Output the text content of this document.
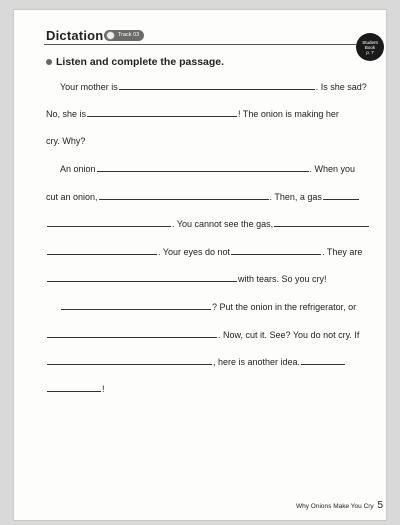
Dictation	Track 03
Student
Book
p. 7
Listen and complete the passage.
Your mother is	. Is she sad?
No, she is	! The onion is making her
cry. Why?
An onion	. When you
cut an onion,	. Then, a gas
. You cannot see the gas,
. Your eyes do not	. They are
with tears. So you cry!
? Put the onion in the refrigerator, or
. Now, cut it. See? You do not cry. If
, here is another idea.
!
Why Onions Make You Cry 5
